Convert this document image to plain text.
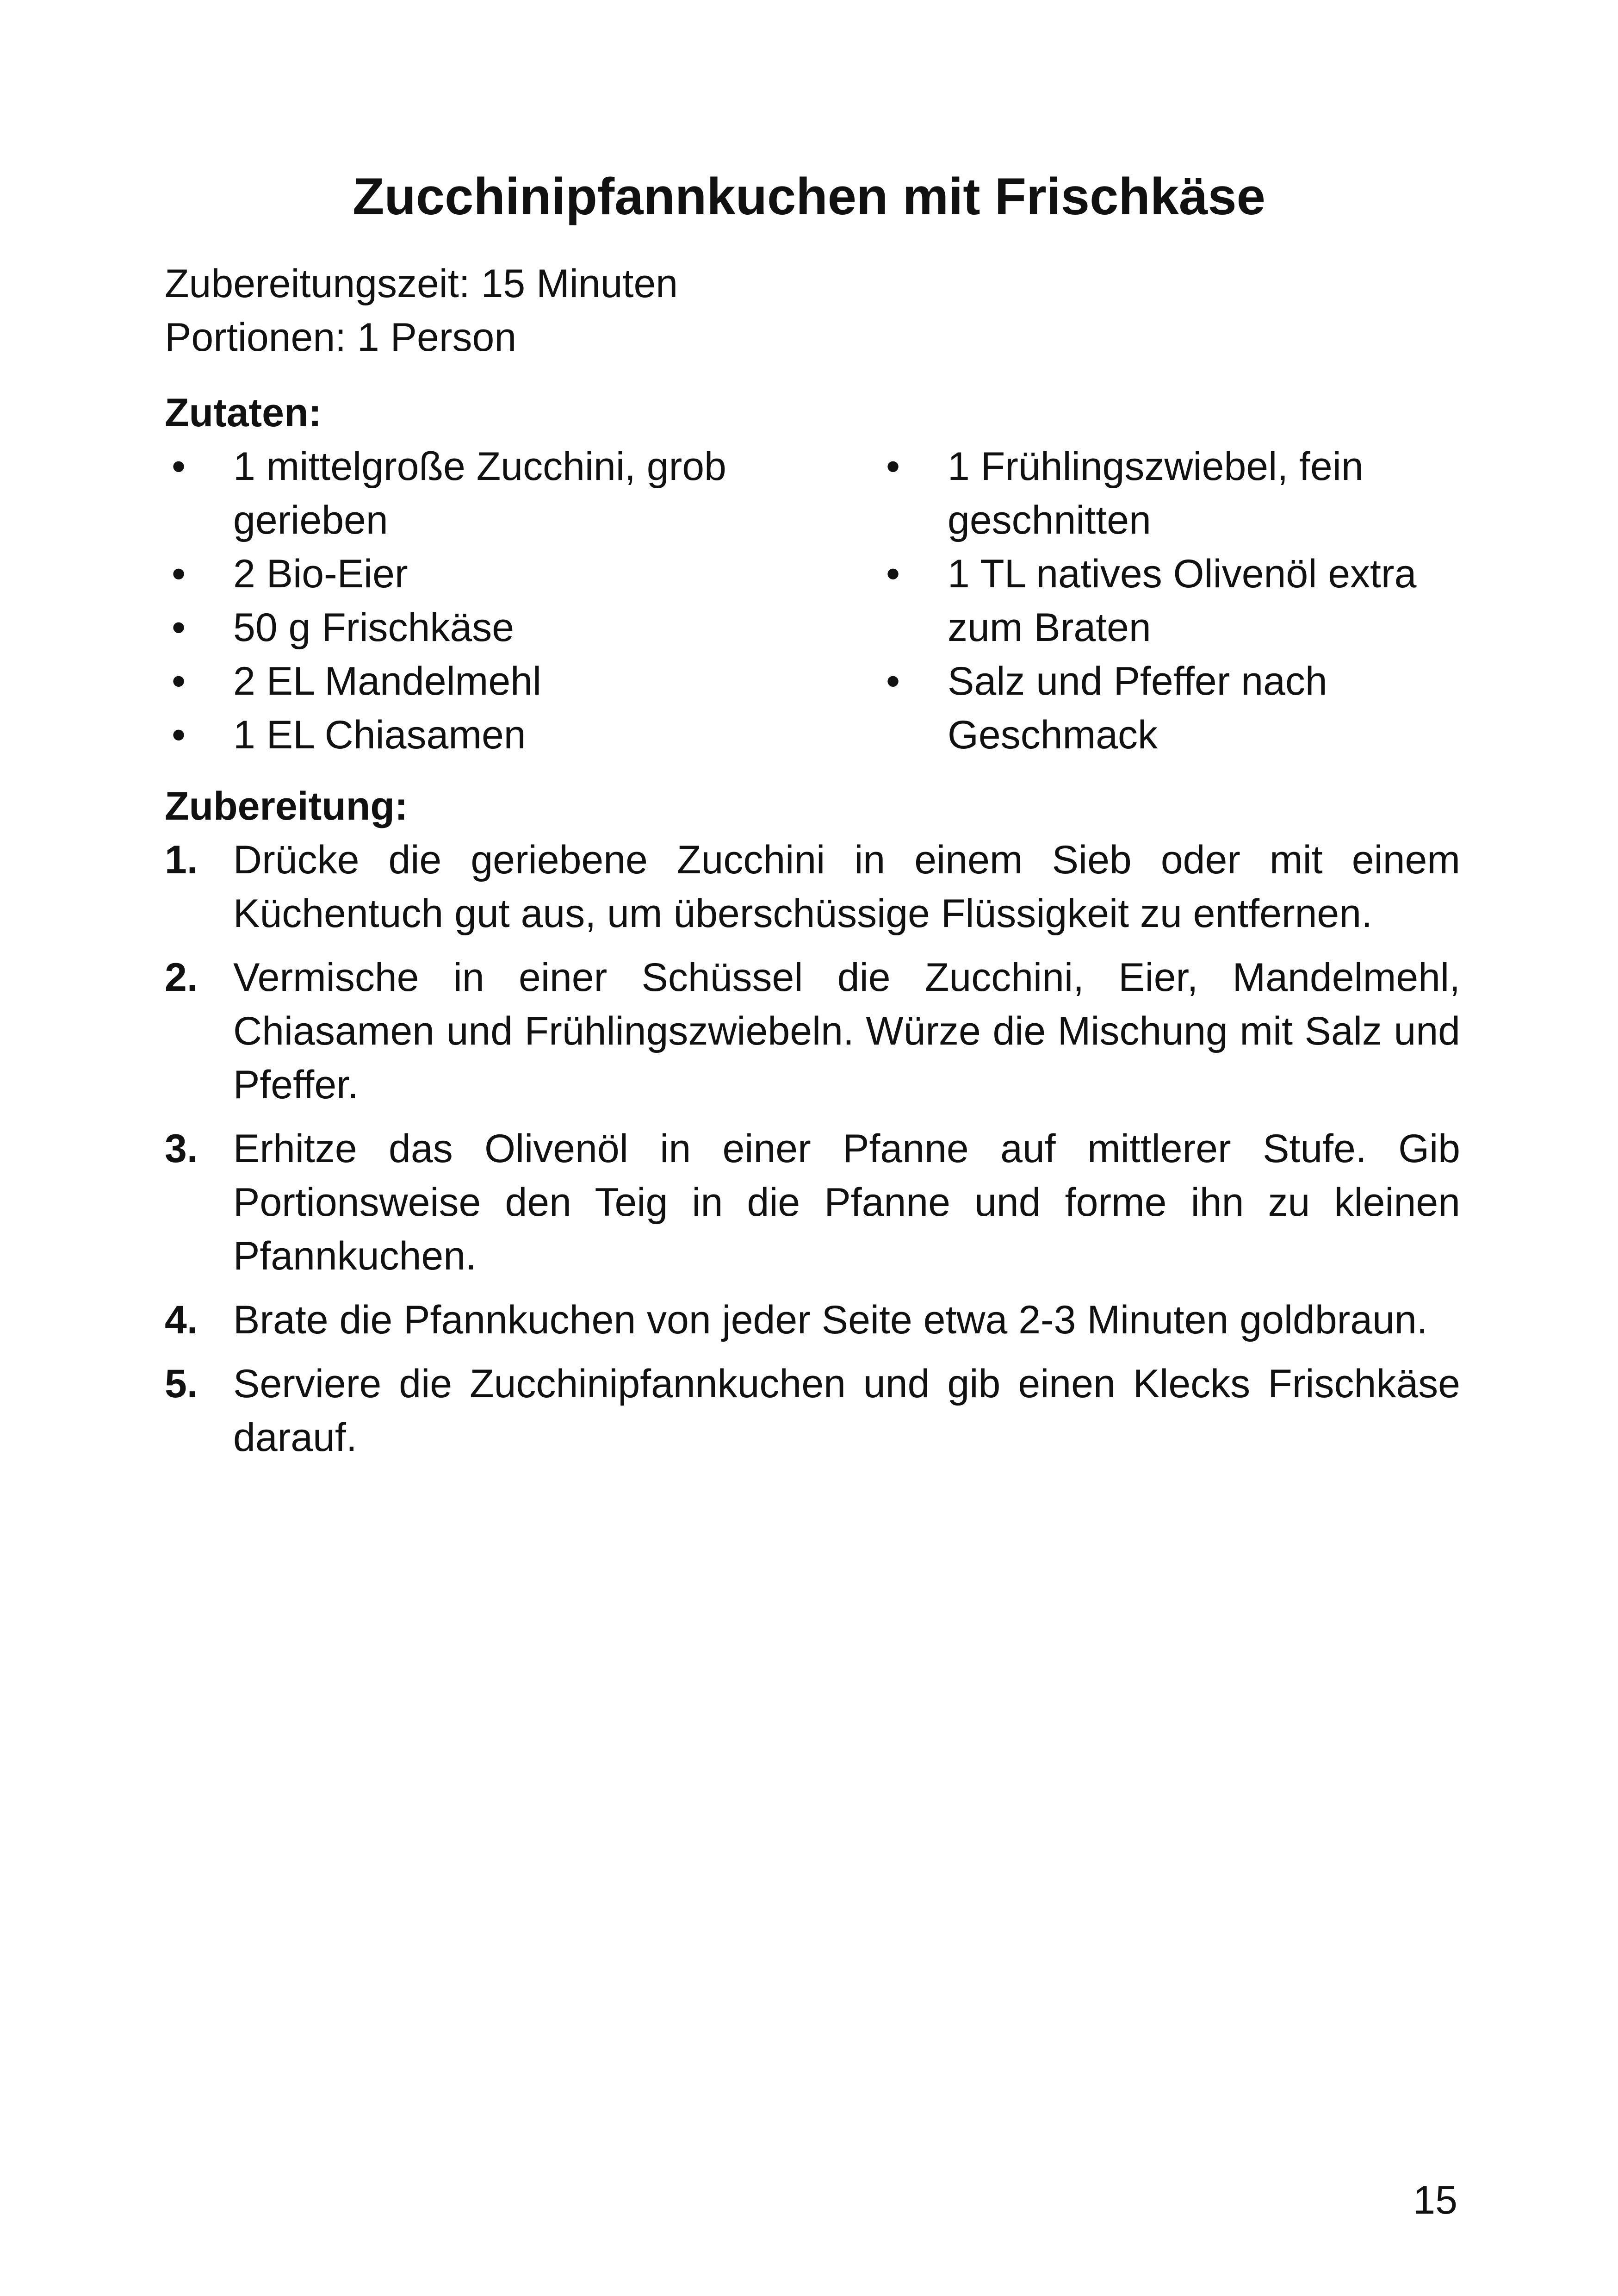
Zucchinipfannkuchen mit Frischkäse

Zubereitungszeit: 15 Minuten

Portionen: 1 Person

Zutaten:

• 1 mittelgroße Zucchini, grob gerieben
• 2 Bio-Eier
• 50 g Frischkäse
• 2 EL Mandelmehl
• 1 EL Chiasamen
• 1 Frühlingszwiebel, fein geschnitten
• 1 TL natives Olivenöl extra zum Braten
• Salz und Pfeffer nach Geschmack

Zubereitung:

1. Drücke die geriebene Zucchini in einem Sieb oder mit einem Küchentuch gut aus, um überschüssige Flüssigkeit zu entfernen.
2. Vermische in einer Schüssel die Zucchini, Eier, Mandelmehl, Chiasamen und Frühlingszwiebeln. Würze die Mischung mit Salz und Pfeffer.
3. Erhitze das Olivenöl in einer Pfanne auf mittlerer Stufe. Gib Portionsweise den Teig in die Pfanne und forme ihn zu kleinen Pfannkuchen.
4. Brate die Pfannkuchen von jeder Seite etwa 2-3 Minuten goldbraun.
5. Serviere die Zucchinipfannkuchen und gib einen Klecks Frischkäse darauf.
15
